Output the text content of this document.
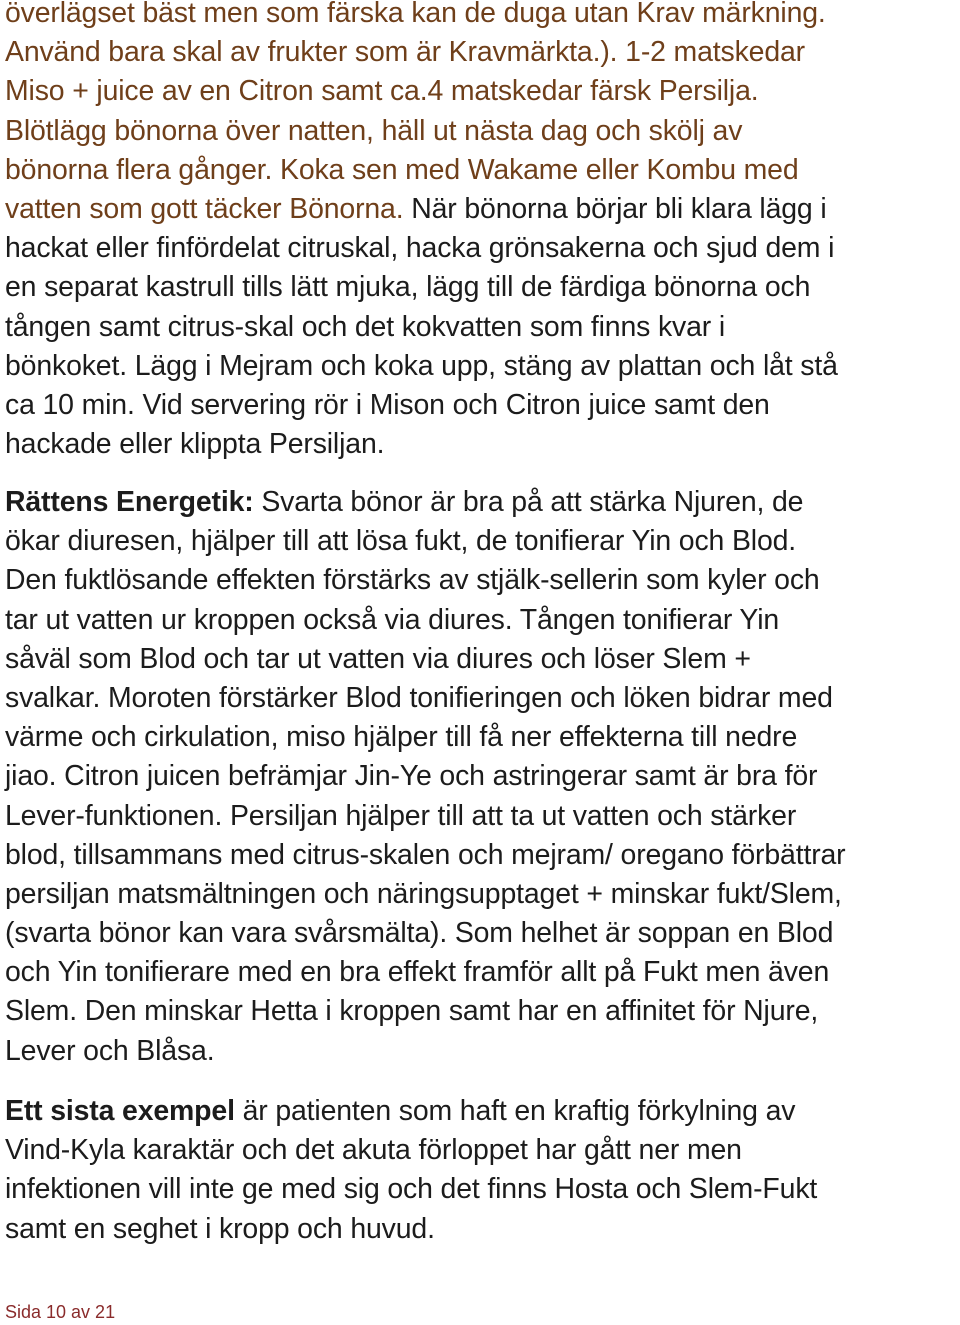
överlägset bäst men som färska kan de duga utan Krav märkning.
Använd bara skal av frukter som är Kravmärkta.). 1-2 matskedar
Miso + juice av en Citron samt ca.4 matskedar färsk Persilja.
Blötlägg bönorna över natten, häll ut nästa dag och skölj av
bönorna flera gånger. Koka sen med Wakame eller Kombu med
vatten som gott täcker Bönorna. När bönorna börjar bli klara lägg i
hackat eller finfördelat citruskal, hacka grönsakerna och sjud dem i
en separat kastrull tills lätt mjuka, lägg till de färdiga bönorna och
tången samt citrus-skal och det kokvatten som finns kvar i
bönkoket. Lägg i Mejram och koka upp, stäng av plattan och låt stå
ca 10 min. Vid servering rör i Mison och Citron juice samt den
hackade eller klippta Persiljan.
Rättens Energetik: Svarta bönor är bra på att stärka Njuren, de
ökar diuresen, hjälper till att lösa fukt, de tonifierar Yin och Blod.
Den fuktlösande effekten förstärks av stjälk-sellerin som kyler och
tar ut vatten ur kroppen också via diures. Tången tonifierar Yin
såväl som Blod och tar ut vatten via diures och löser Slem +
svalkar. Moroten förstärker Blod tonifieringen och löken bidrar med
värme och cirkulation, miso hjälper till få ner effekterna till nedre
jiao. Citron juicen befrämjar Jin-Ye och astringerar samt är bra för
Lever-funktionen. Persiljan hjälper till att ta ut vatten och stärker
blod, tillsammans med citrus-skalen och mejram/ oregano förbättrar
persiljan matsmältningen och näringsupptaget + minskar fukt/Slem,
(svarta bönor kan vara svårsmälta). Som helhet är soppan en Blod
och Yin tonifierare med en bra effekt framför allt på Fukt men även
Slem. Den minskar Hetta i kroppen samt har en affinitet för Njure,
Lever och Blåsa.
Ett sista exempel är patienten som haft en kraftig förkylning av
Vind-Kyla karaktär och det akuta förloppet har gått ner men
infektionen vill inte ge med sig och det finns Hosta och Slem-Fukt
samt en seghet i kropp och huvud.
Sida 10 av 21
